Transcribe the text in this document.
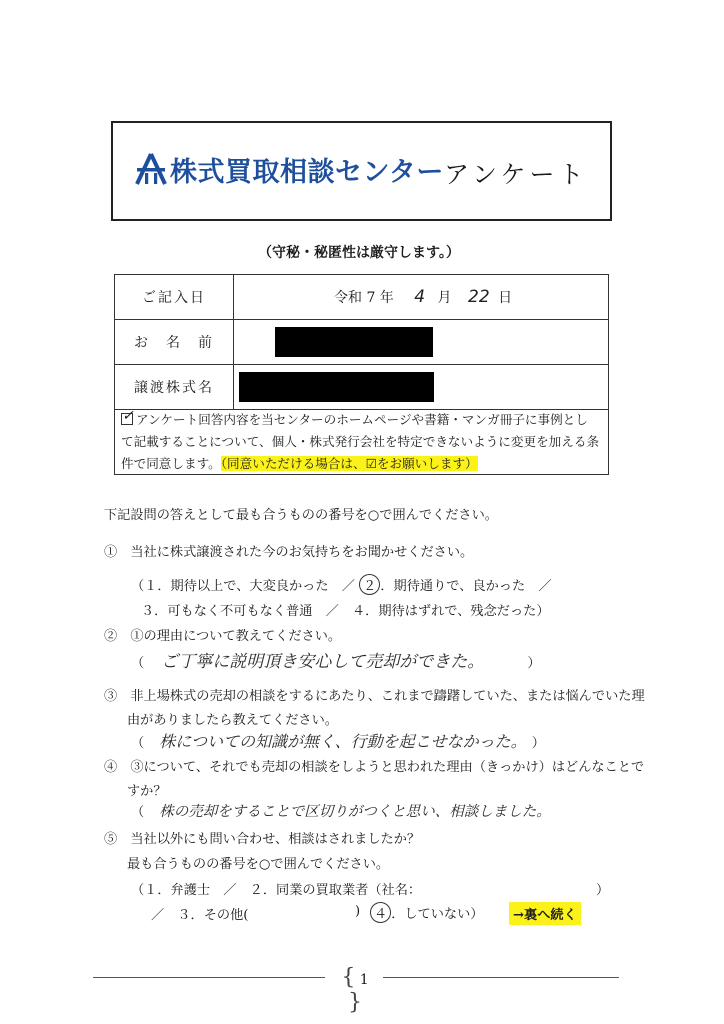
株式買取相談センター アンケート
（守秘・秘匿性は厳守します。）
ご記入日	令和 7 年 4 月 22 日
お　名　前	
譲渡株式名	
✓ アンケート回答内容を当センターのホームページや書籍・マンガ冊子に事例とし
て記載することについて、個人・株式発行会社を特定できないように変更を加える条
件で同意します。（同意いただける場合は、☑をお願いします）
下記設問の答えとして最も合うものの番号を○で囲んでください。
①　当社に株式譲渡された今のお気持ちをお聞かせください。
（１．期待以上で、大変良かった　／ ２ ．期待通りで、良かった　／
３．可もなく不可もなく普通　／　４．期待はずれで、残念だった）
②　①の理由について教えてください。
（ ご丁寧に説明頂き安心して売却ができた。	）
③　非上場株式の売却の相談をするにあたり、これまで躊躇していた、または悩んでいた理
由がありましたら教えてください。
（ 株についての知識が無く、行動を起こせなかった。 ）
④　③について、それでも売却の相談をしようと思われた理由（きっかけ）はどんなことで
すか？
（ 株の売却をすることで区切りがつくと思い、相談しました。
⑤　当社以外にも問い合わせ、相談はされましたか？
最も合うものの番号を○で囲んでください。
（１．弁護士　／　２．同業の買取業者（社名：	）
／　３．その他(	)	４ ．していない）	→裏へ続く
{ 1 }
